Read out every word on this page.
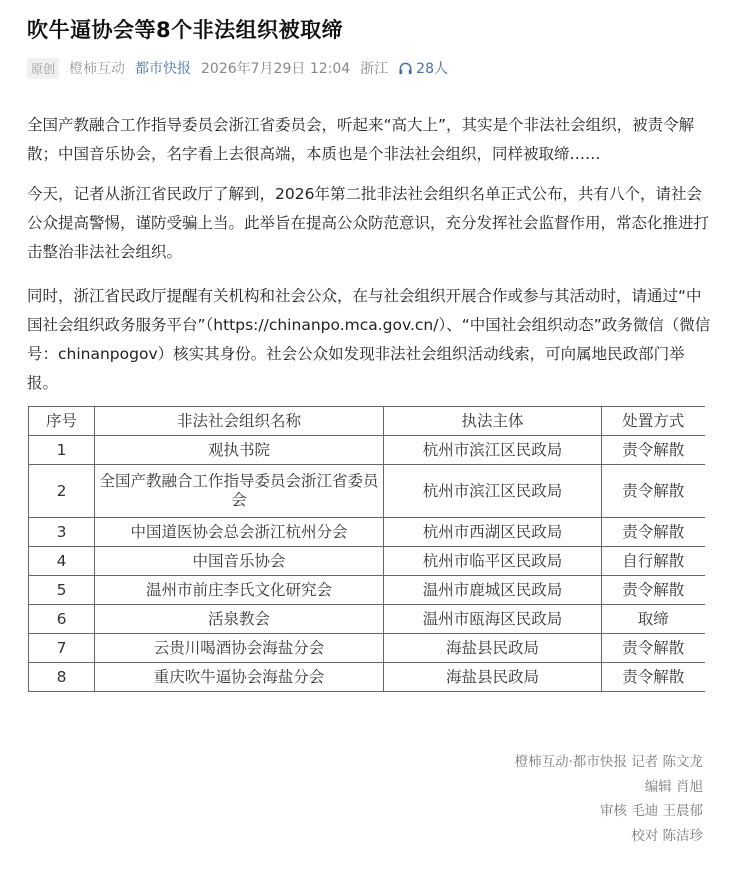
吹牛逼协会等8个非法组织被取缔
原创 橙柿互动 都市快报 2026年7月29日 12:04 浙江 28人

全国产教融合工作指导委员会浙江省委员会，听起来“高大上”，其实是个非法社会组织，被责令解散；中国音乐协会，名字看上去很高端，本质也是个非法社会组织，同样被取缔……

今天，记者从浙江省民政厅了解到，2026年第二批非法社会组织名单正式公布，共有八个，请社会公众提高警惕，谨防受骗上当。此举旨在提高公众防范意识，充分发挥社会监督作用，常态化推进打击整治非法社会组织。

同时，浙江省民政厅提醒有关机构和社会公众，在与社会组织开展合作或参与其活动时，请通过“中国社会组织政务服务平台”（https://chinanpo.mca.gov.cn/）、“中国社会组织动态”政务微信（微信号：chinanpogov）核实其身份。社会公众如发现非法社会组织活动线索，可向属地民政部门举报。

序号	非法社会组织名称	执法主体	处置方式
1	观执书院	杭州市滨江区民政局	责令解散
2	全国产教融合工作指导委员会浙江省委员会	杭州市滨江区民政局	责令解散
3	中国道医协会总会浙江杭州分会	杭州市西湖区民政局	责令解散
4	中国音乐协会	杭州市临平区民政局	自行解散
5	温州市前庄李氏文化研究会	温州市鹿城区民政局	责令解散
6	活泉教会	温州市瓯海区民政局	取缔
7	云贵川喝酒协会海盐分会	海盐县民政局	责令解散
8	重庆吹牛逼协会海盐分会	海盐县民政局	责令解散
橙柿互动·都市快报 记者 陈文龙
编辑 肖旭
审核 毛迪 王晨郁
校对 陈洁珍
